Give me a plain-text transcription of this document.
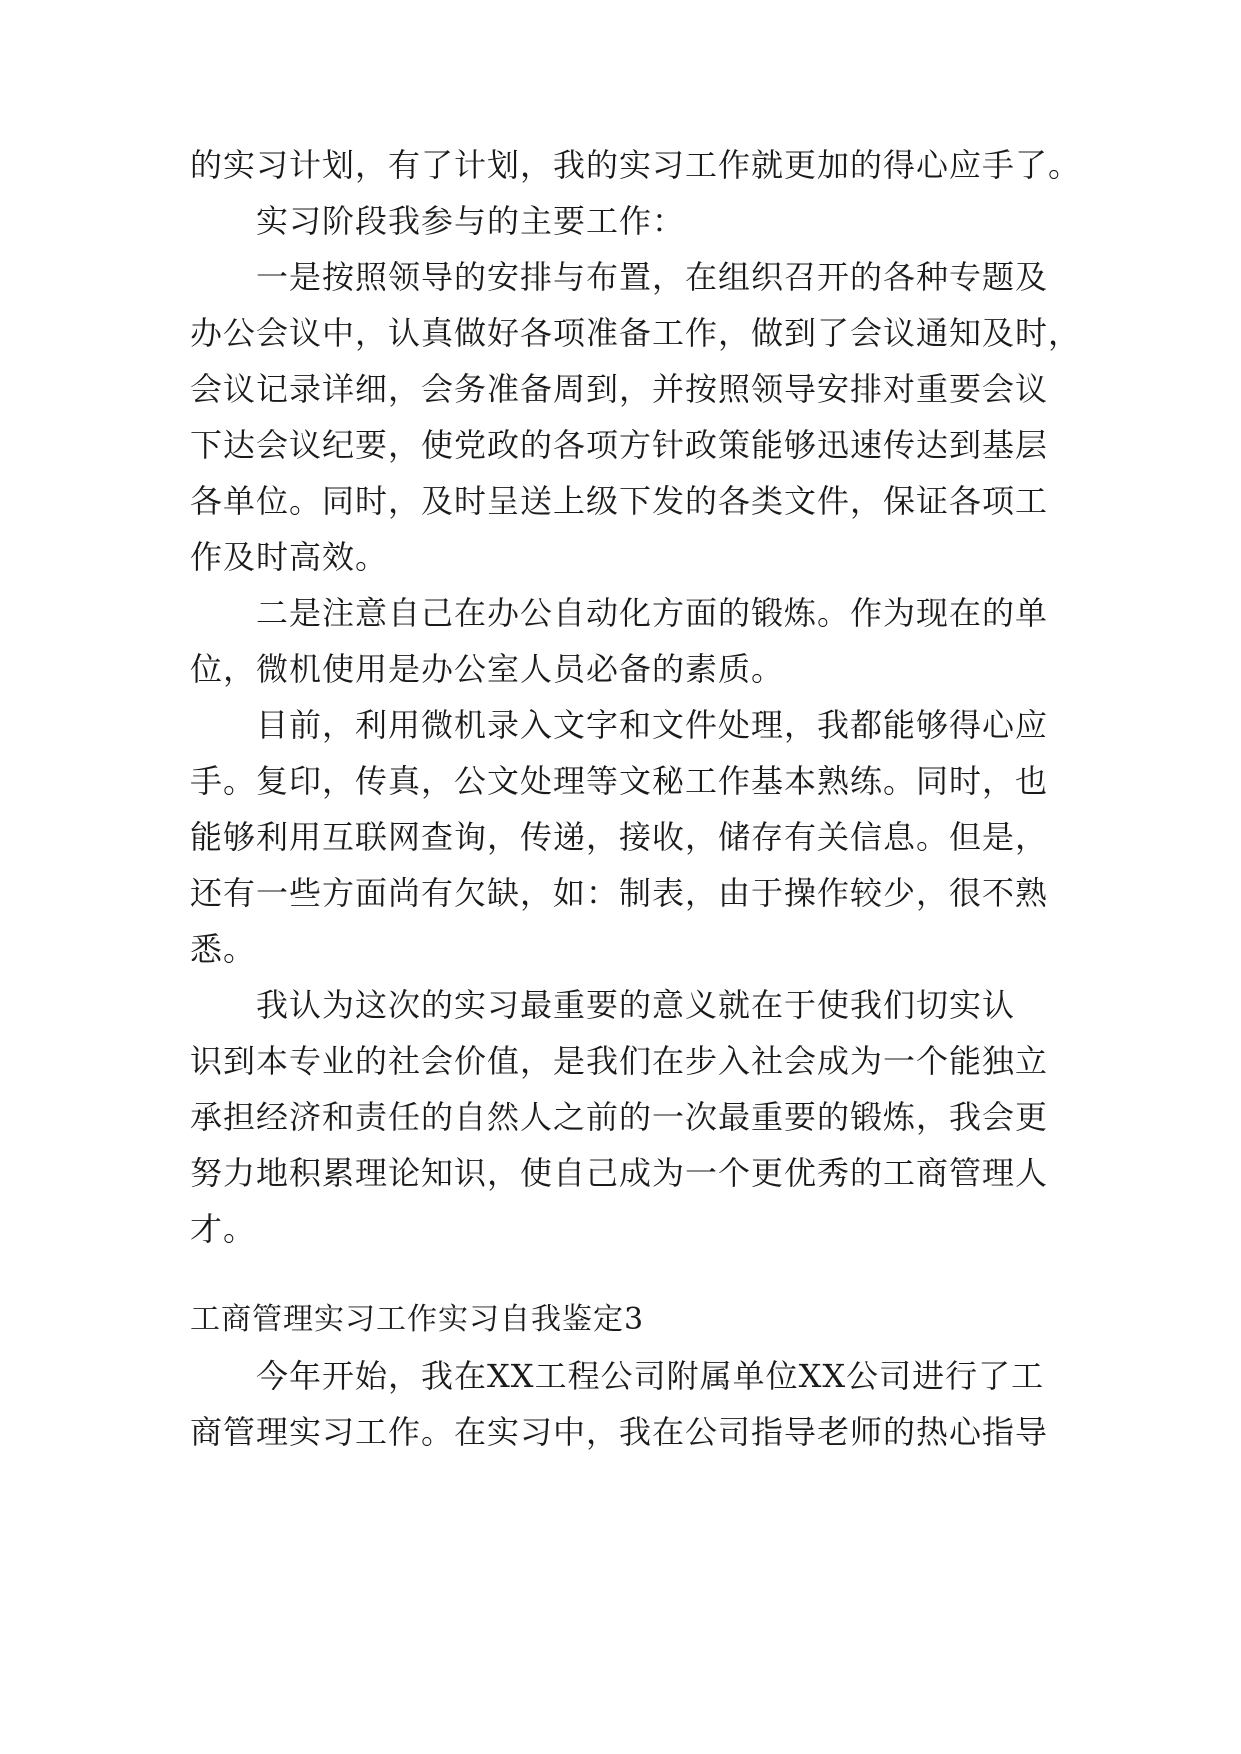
的实习计划，有了计划，我的实习工作就更加的得心应手了。
实习阶段我参与的主要工作：
一是按照领导的安排与布置，在组织召开的各种专题及
办公会议中，认真做好各项准备工作，做到了会议通知及时，
会议记录详细，会务准备周到，并按照领导安排对重要会议
下达会议纪要，使党政的各项方针政策能够迅速传达到基层
各单位。同时，及时呈送上级下发的各类文件，保证各项工
作及时高效。
二是注意自己在办公自动化方面的锻炼。作为现在的单
位，微机使用是办公室人员必备的素质。
目前，利用微机录入文字和文件处理，我都能够得心应
手。复印，传真，公文处理等文秘工作基本熟练。同时，也
能够利用互联网查询，传递，接收，储存有关信息。但是，
还有一些方面尚有欠缺，如：制表，由于操作较少，很不熟
悉。
我认为这次的实习最重要的意义就在于使我们切实认
识到本专业的社会价值，是我们在步入社会成为一个能独立
承担经济和责任的自然人之前的一次最重要的锻炼，我会更
努力地积累理论知识，使自己成为一个更优秀的工商管理人
才。
工商管理实习工作实习自我鉴定3
今年开始，我在XX工程公司附属单位XX公司进行了工
商管理实习工作。在实习中，我在公司指导老师的热心指导
